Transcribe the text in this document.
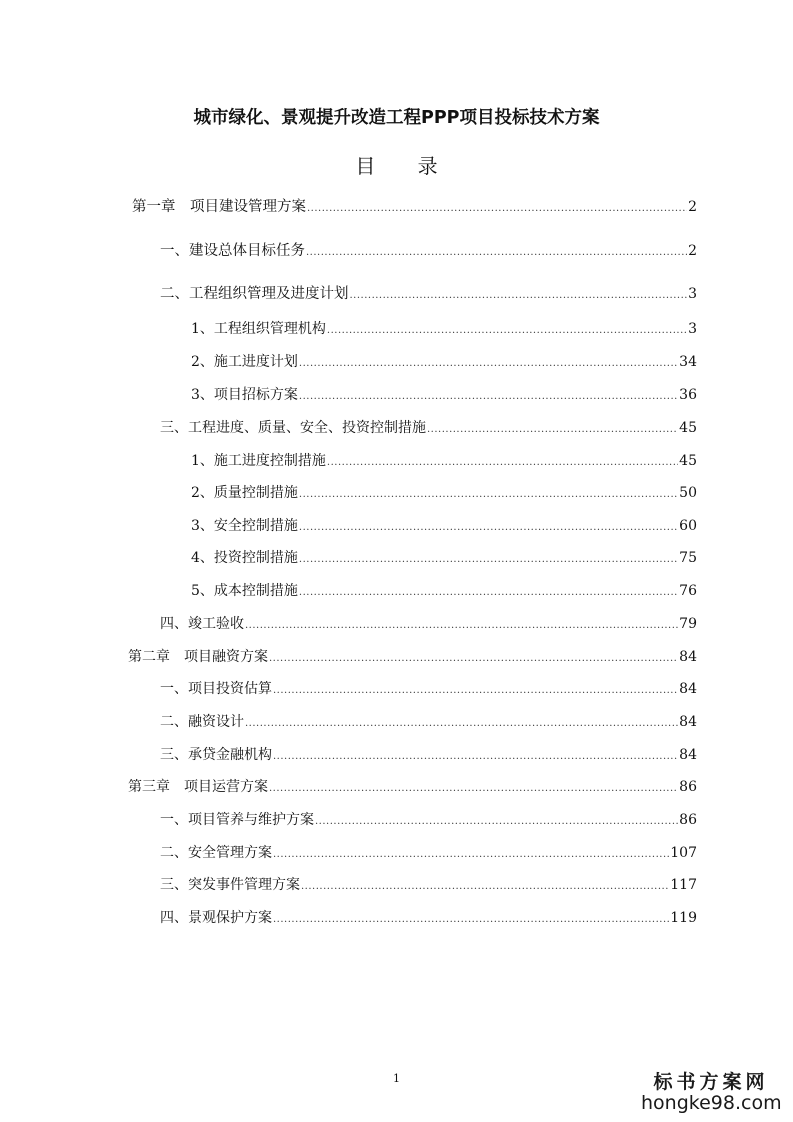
城市绿化、景观提升改造工程PPP项目投标技术方案
目 录
第一章　项目建设管理方案 .....	2
一、建设总体目标任务 .....	2
二、工程组织管理及进度计划 .....	3
1、工程组织管理机构 .....	3
2、施工进度计划 .....	34
3、项目招标方案 .....	36
三、工程进度、质量、安全、投资控制措施 .....	45
1、施工进度控制措施 .....	45
2、质量控制措施 .....	50
3、安全控制措施 .....	60
4、投资控制措施 .....	75
5、成本控制措施 .....	76
四、竣工验收 .....	79
第二章　项目融资方案 .....	84
一、项目投资估算 .....	84
二、融资设计 .....	84
三、承贷金融机构 .....	84
第三章　项目运营方案 .....	86
一、项目管养与维护方案 .....	86
二、安全管理方案 .....	107
三、突发事件管理方案 .....	117
四、景观保护方案 .....	119
1	标书方案网
hongke98.com
